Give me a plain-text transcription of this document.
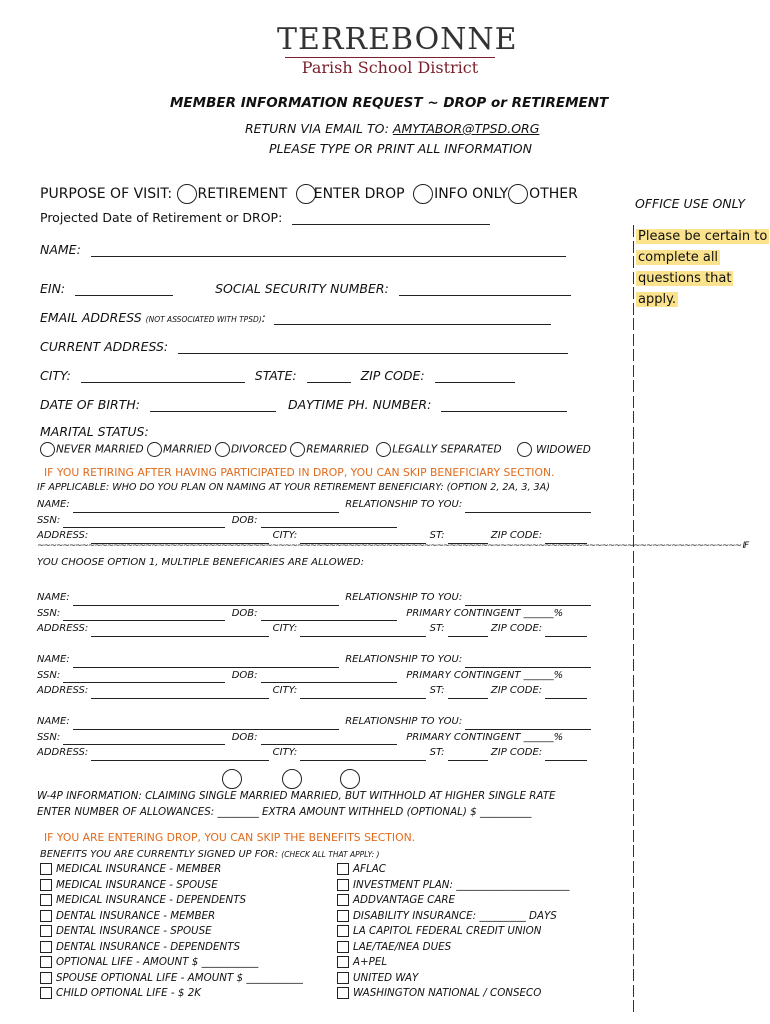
TERREBONNE
Parish School District
MEMBER INFORMATION REQUEST ~ DROP or RETIREMENT
RETURN VIA EMAIL TO: AMYTABOR@TPSD.ORG
PLEASE TYPE OR PRINT ALL INFORMATION
PURPOSE OF VISIT: RETIREMENT ENTER DROP INFO ONLY OTHER
Projected Date of Retirement or DROP:
OFFICE USE ONLY
Please be certain to
complete all
questions that
apply.
NAME:
EIN:	SOCIAL SECURITY NUMBER:
EMAIL ADDRESS (NOT ASSOCIATED WITH TPSD):
CURRENT ADDRESS:
CITY:	STATE:	ZIP CODE:
DATE OF BIRTH:	DAYTIME PH. NUMBER:
MARITAL STATUS:
NEVER MARRIED MARRIED DIVORCED REMARRIED LEGALLY SEPARATED	WIDOWED
IF YOU RETIRING AFTER HAVING PARTICIPATED IN DROP, YOU CAN SKIP BENEFICIARY SECTION.
IF APPLICABLE: WHO DO YOU PLAN ON NAMING AT YOUR RETIREMENT BENEFICIARY: (OPTION 2, 2A, 3, 3A)
NAME:	RELATIONSHIP TO YOU:
SSN:	DOB:
ADDRESS:	CITY:	ST:	ZIP CODE:
NAME:	RELATIONSHIP TO YOU:
SSN:	DOB:	PRIMARY CONTINGENT ______%
ADDRESS:	CITY:	ST:	ZIP CODE:
NAME:	RELATIONSHIP TO YOU:
SSN:	DOB:	PRIMARY CONTINGENT ______%
ADDRESS:	CITY:	ST:	ZIP CODE:
NAME:	RELATIONSHIP TO YOU:
SSN:	DOB:	PRIMARY CONTINGENT ______%
ADDRESS:	CITY:	ST:	ZIP CODE:
~~~~~~~~~~~~~~~~~~~~~~~~~~~~~~~~~~~~~~~~~~~~~~~~~~~~~~~~~~~~~~~~~~~~~~~~~~~~~~~~~~~~~~~~~~~~~~~~~~~~~~~~~~~~~~~ IF
YOU CHOOSE OPTION 1, MULTIPLE BENEFICARIES ARE ALLOWED:

W-4P INFORMATION: CLAIMING SINGLE MARRIED MARRIED, BUT WITHHOLD AT HIGHER SINGLE RATE
ENTER NUMBER OF ALLOWANCES: ________ EXTRA AMOUNT WITHHELD (OPTIONAL) $ __________
IF YOU ARE ENTERING DROP, YOU CAN SKIP THE BENEFITS SECTION.
BENEFITS YOU ARE CURRENTLY SIGNED UP FOR: (CHECK ALL THAT APPLY: )
MEDICAL INSURANCE - MEMBER
MEDICAL INSURANCE - SPOUSE
MEDICAL INSURANCE - DEPENDENTS
DENTAL INSURANCE - MEMBER
DENTAL INSURANCE - SPOUSE
DENTAL INSURANCE - DEPENDENTS
OPTIONAL LIFE - AMOUNT $ ___________
SPOUSE OPTIONAL LIFE - AMOUNT $ ___________
CHILD OPTIONAL LIFE - $ 2K
AFLAC
INVESTMENT PLAN: ______________________
ADDVANTAGE CARE
DISABILITY INSURANCE: _________ DAYS
LA CAPITOL FEDERAL CREDIT UNION
LAE/TAE/NEA DUES
A+PEL
UNITED WAY
WASHINGTON NATIONAL / CONSECO
